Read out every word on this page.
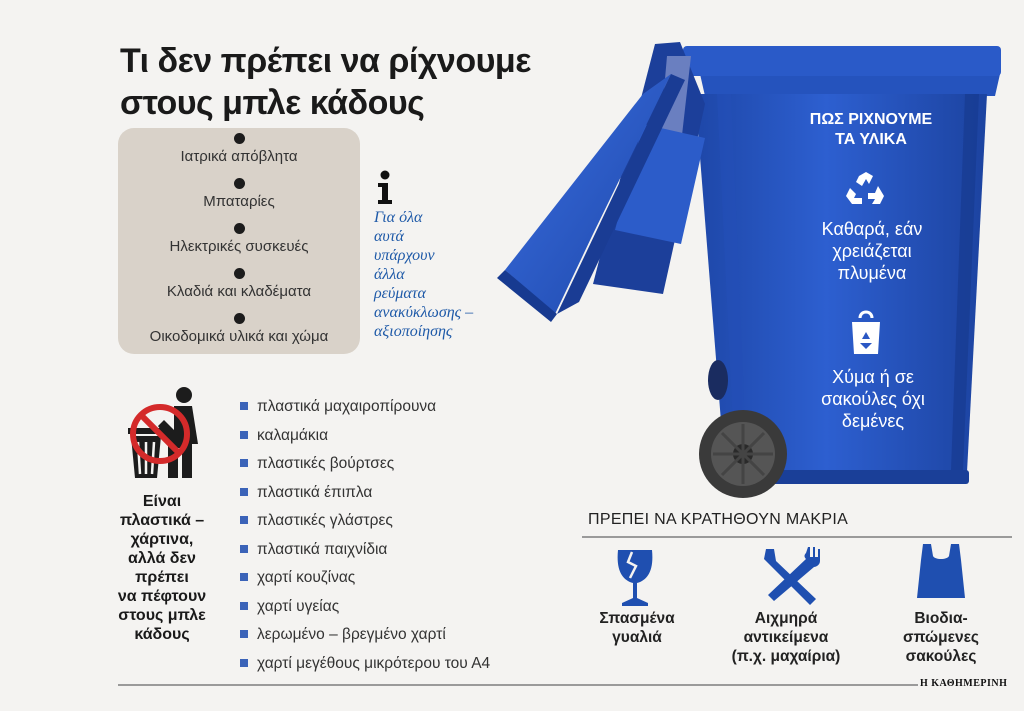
Τι δεν πρέπει να ρίχνουμε
στους μπλε κάδους
Ιατρικά απόβλητα
Μπαταρίες
Ηλεκτρικές συσκευές
Κλαδιά και κλαδέματα
Οικοδομικά υλικά και χώμα
Για όλα
αυτά
υπάρχουν
άλλα
ρεύματα
ανακύκλωσης –
αξιοποίησης
Είναι
πλαστικά –
χάρτινα,
αλλά δεν
πρέπει
να πέφτουν
στους μπλε
κάδους
πλαστικά μαχαιροπίρουνα
καλαμάκια
πλαστικές βούρτσες
πλαστικά έπιπλα
πλαστικές γλάστρες
πλαστικά παιχνίδια
χαρτί κουζίνας
χαρτί υγείας
λερωμένο – βρεγμένο χαρτί
χαρτί μεγέθους μικρότερου του Α4
ΠΩΣ ΡΙΧΝΟΥΜΕ
ΤΑ ΥΛΙΚΑ
Καθαρά, εάν
χρειάζεται
πλυμένα
Χύμα ή σε
σακούλες όχι
δεμένες
ΠΡΕΠΕΙ ΝΑ ΚΡΑΤΗΘΟΥΝ ΜΑΚΡΙΑ
Σπασμένα
γυαλιά
Αιχμηρά
αντικείμενα
(π.χ. μαχαίρια)
Βιοδια-
σπώμενες
σακούλες
Η ΚΑΘΗΜΕΡΙΝΗ
